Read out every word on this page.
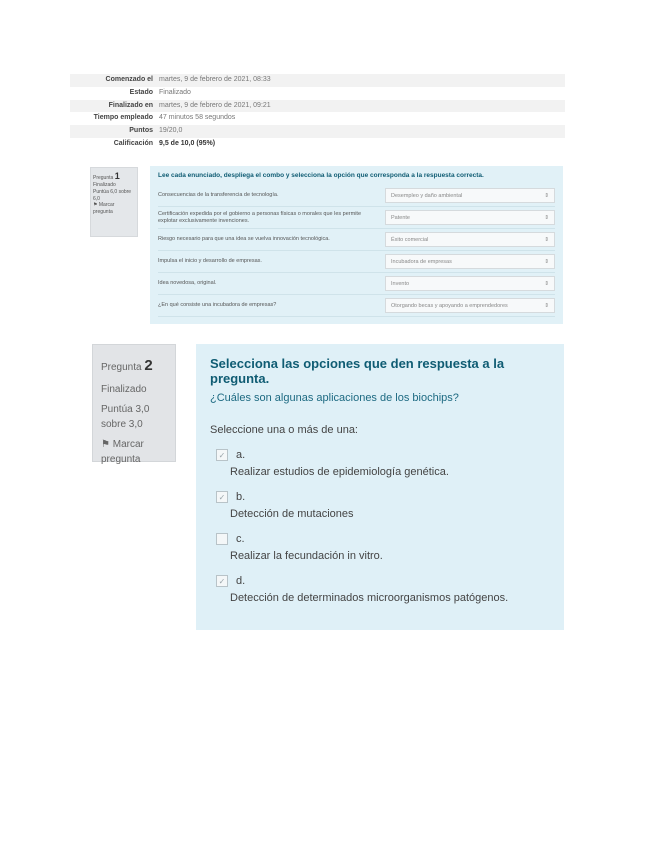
Comenzado el	martes, 9 de febrero de 2021, 08:33
Estado	Finalizado
Finalizado en	martes, 9 de febrero de 2021, 09:21
Tiempo empleado	47 minutos 58 segundos
Puntos	19/20,0
Calificación	9,5 de 10,0 (95%)
Pregunta 1
Finalizado
Puntúa 6,0 sobre 6,0
⚑ Marcar pregunta
Lee cada enunciado, despliega el combo y selecciona la opción que corresponda a la respuesta correcta.
Consecuencias de la transferencia de tecnología.	Desempleo y daño ambiental	⇕
Certificación expedida por el gobierno a personas físicas o morales que les permite explotar exclusivamente invenciones.	Patente	⇕
Riesgo necesario para que una idea se vuelva innovación tecnológica.	Éxito comercial	⇕
Impulsa el inicio y desarrollo de empresas.	Incubadora de empresas	⇕
Idea novedosa, original.	Invento	⇕
¿En qué consiste una incubadora de empresas?	Otorgando becas y apoyando a emprendedores	⇕
Pregunta 2
Finalizado
Puntúa 3,0 sobre 3,0
⚑ Marcar pregunta

Selecciona las opciones que den respuesta a la pregunta.

¿Cuáles son algunas aplicaciones de los biochips?
Seleccione una o más de una:
✓ a.
Realizar estudios de epidemiología genética.
✓ b.
Detección de mutaciones
c.
Realizar la fecundación in vitro.
✓ d.
Detección de determinados microorganismos patógenos.
